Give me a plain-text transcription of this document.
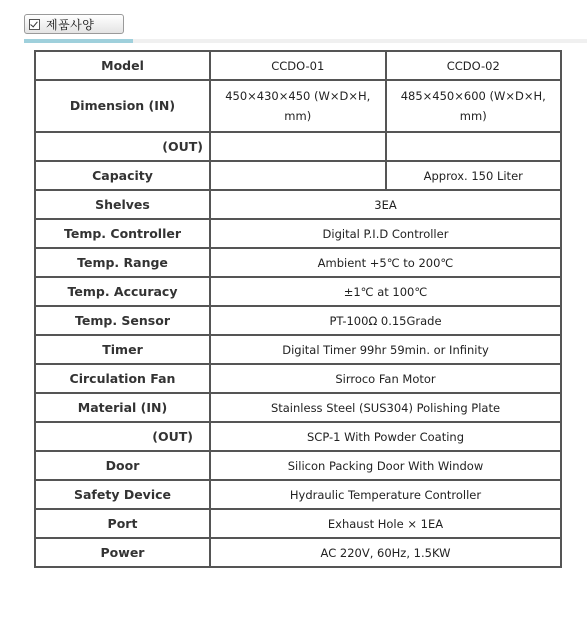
제품사양
Model	CCDO-01	CCDO-02
Dimension (IN)	450×430×450 (W×D×H, mm)	485×450×600 (W×D×H, mm)
(OUT)		
Capacity		Approx. 150 Liter
Shelves	3EA	
Temp. Controller	Digital P.I.D Controller	
Temp. Range	Ambient +5℃ to 200℃	
Temp. Accuracy	±1℃ at 100℃	
Temp. Sensor	PT-100Ω 0.15Grade	
Timer	Digital Timer 99hr 59min. or Infinity	
Circulation Fan	Sirroco Fan Motor	
Material (IN)	Stainless Steel (SUS304) Polishing Plate	
(OUT)	SCP-1 With Powder Coating	
Door	Silicon Packing Door With Window	
Safety Device	Hydraulic Temperature Controller	
Port	Exhaust Hole × 1EA	
Power	AC 220V, 60Hz, 1.5KW	
